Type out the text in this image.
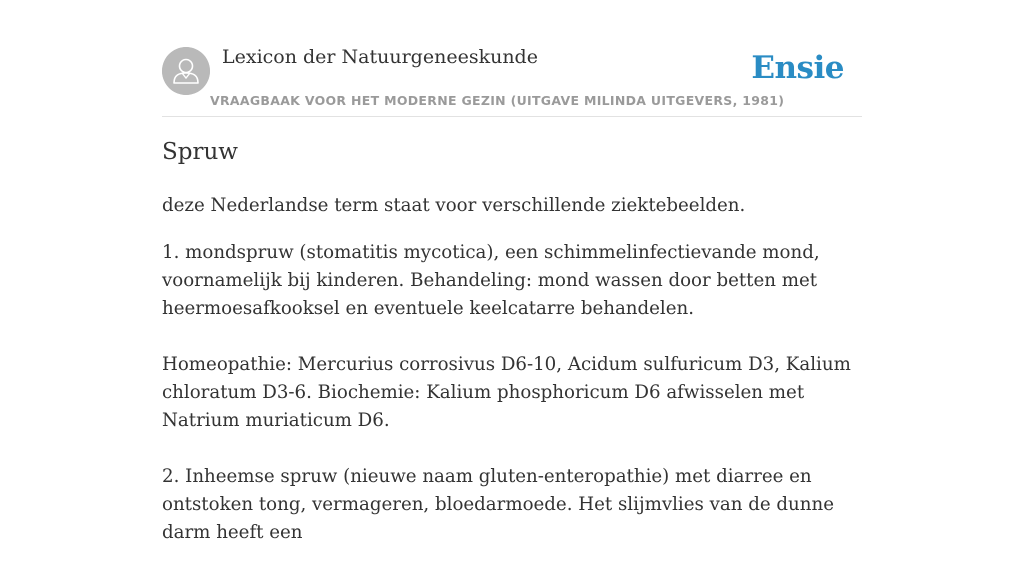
Lexicon der Natuurgeneeskunde
VRAAGBAAK VOOR HET MODERNE GEZIN (UITGAVE MILINDA UITGEVERS, 1981)
Ensie
Spruw

deze Nederlandse term staat voor verschillende ziektebeelden.

1. mondspruw (stomatitis mycotica), een schimmelinfectievande mond, voornamelijk bij kinderen. Behandeling: mond wassen door betten met heermoesafkooksel en eventuele keelcatarre behandelen.

Homeopathie: Mercurius corrosivus D6-10, Acidum sulfuricum D3, Kalium chloratum D3-6. Biochemie: Kalium phosphoricum D6 afwisselen met Natrium muriaticum D6.

2. Inheemse spruw (nieuwe naam gluten-enteropathie) met diarree en ontstoken tong, vermageren, bloedarmoede. Het slijmvlies van de dunne darm heeft een
